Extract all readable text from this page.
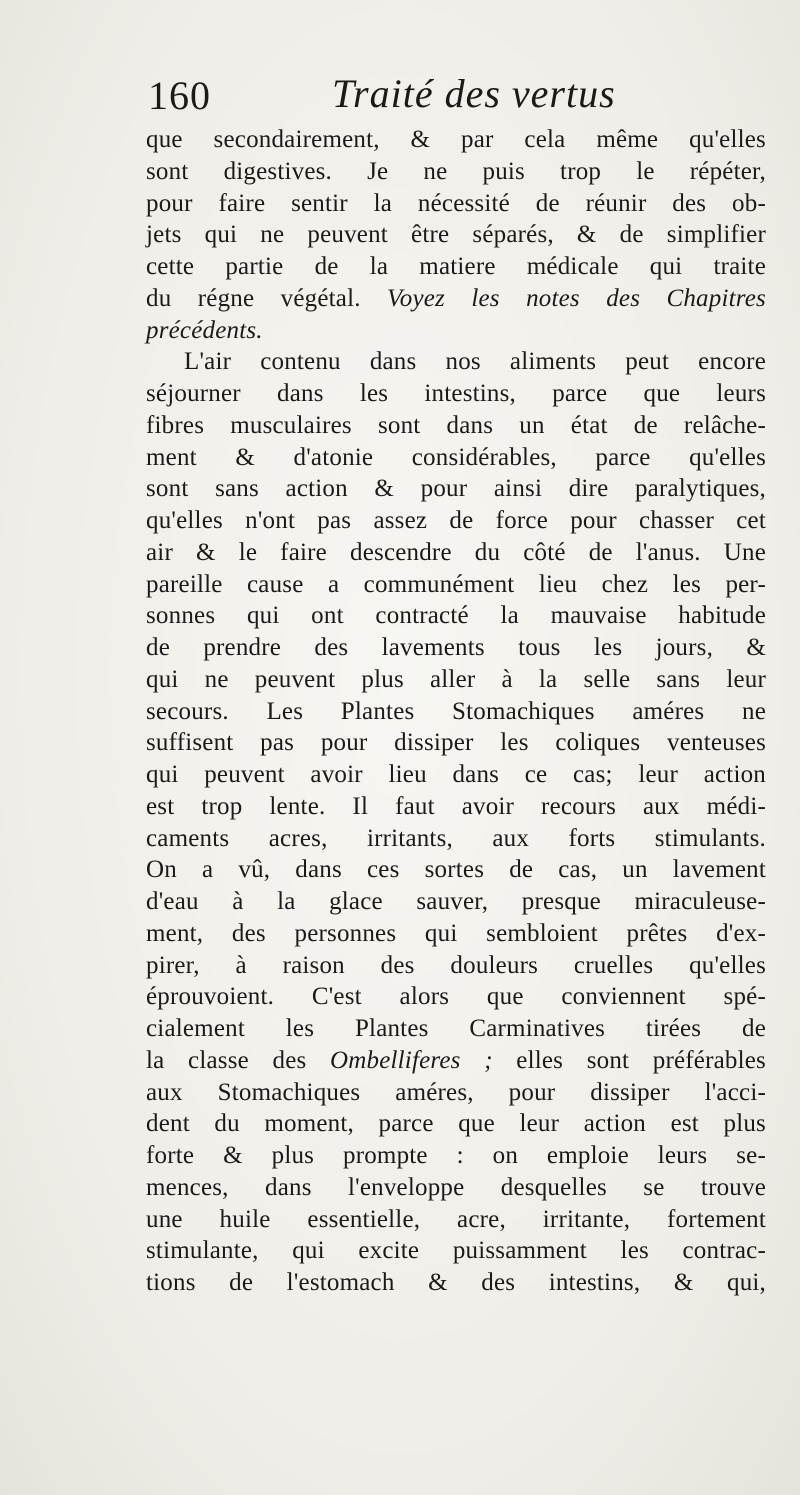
160	Traité des vertus
que secondairement, & par cela même qu'elles
sont digestives. Je ne puis trop le répéter,
pour faire sentir la nécessité de réunir des ob-
jets qui ne peuvent être séparés, & de simplifier
cette partie de la matiere médicale qui traite
du régne végétal. Voyez les notes des Chapitres
précédents.
L'air contenu dans nos aliments peut encore
séjourner dans les intestins, parce que leurs
fibres musculaires sont dans un état de relâche-
ment & d'atonie considérables, parce qu'elles
sont sans action & pour ainsi dire paralytiques,
qu'elles n'ont pas assez de force pour chasser cet
air & le faire descendre du côté de l'anus. Une
pareille cause a communément lieu chez les per-
sonnes qui ont contracté la mauvaise habitude
de prendre des lavements tous les jours, &
qui ne peuvent plus aller à la selle sans leur
secours. Les Plantes Stomachiques améres ne
suffisent pas pour dissiper les coliques venteuses
qui peuvent avoir lieu dans ce cas; leur action
est trop lente. Il faut avoir recours aux médi-
caments acres, irritants, aux forts stimulants.
On a vû, dans ces sortes de cas, un lavement
d'eau à la glace sauver, presque miraculeuse-
ment, des personnes qui sembloient prêtes d'ex-
pirer, à raison des douleurs cruelles qu'elles
éprouvoient. C'est alors que conviennent spé-
cialement les Plantes Carminatives tirées de
la classe des Ombelliferes ; elles sont préférables
aux Stomachiques améres, pour dissiper l'acci-
dent du moment, parce que leur action est plus
forte & plus prompte : on emploie leurs se-
mences, dans l'enveloppe desquelles se trouve
une huile essentielle, acre, irritante, fortement
stimulante, qui excite puissamment les contrac-
tions de l'estomach & des intestins, & qui,
